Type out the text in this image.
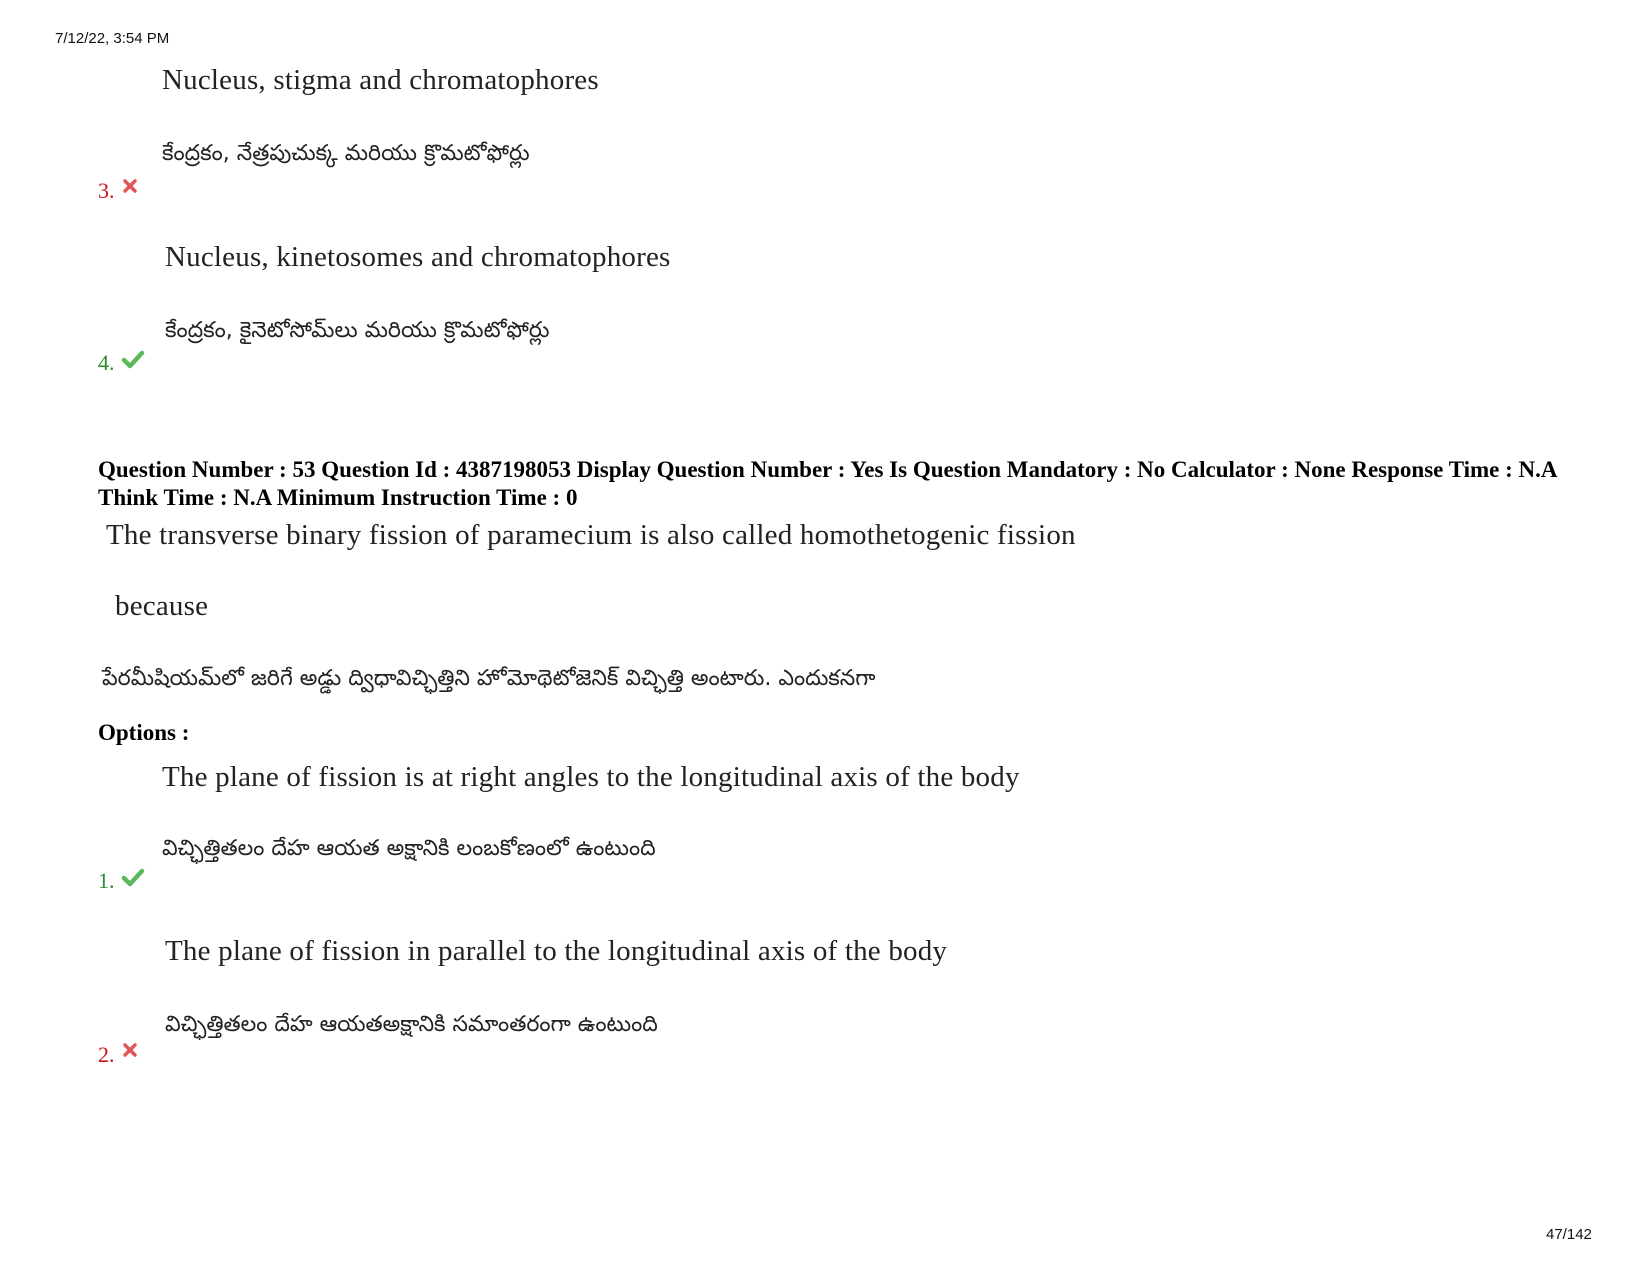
7/12/22, 3:54 PM
47/142
Nucleus, stigma and chromatophores
కేంద్రకం, నేత్రపుచుక్క మరియు క్రొమటోఫోర్లు
3.
Nucleus, kinetosomes and chromatophores
కేంద్రకం, కైనెటోసోమ్‌లు మరియు క్రొమటోఫోర్లు
4.
Question Number : 53 Question Id : 4387198053 Display Question Number : Yes Is Question Mandatory : No Calculator : None Response Time : N.A Think Time : N.A Minimum Instruction Time : 0
The transverse binary fission of paramecium is also called homothetogenic fission
because
పేరమీషియమ్‌లో జరిగే అడ్డు ద్విధావిచ్ఛిత్తిని హోమోథెటోజెనిక్ విచ్ఛిత్తి అంటారు. ఎందుకనగా
Options :
The plane of fission is at right angles to the longitudinal axis of the body
విచ్ఛిత్తితలం దేహ ఆయత అక్షానికి లంబకోణంలో ఉంటుంది
1.
The plane of fission in parallel to the longitudinal axis of the body
విచ్ఛిత్తితలం దేహ ఆయతఅక్షానికి సమాంతరంగా ఉంటుంది
2.
